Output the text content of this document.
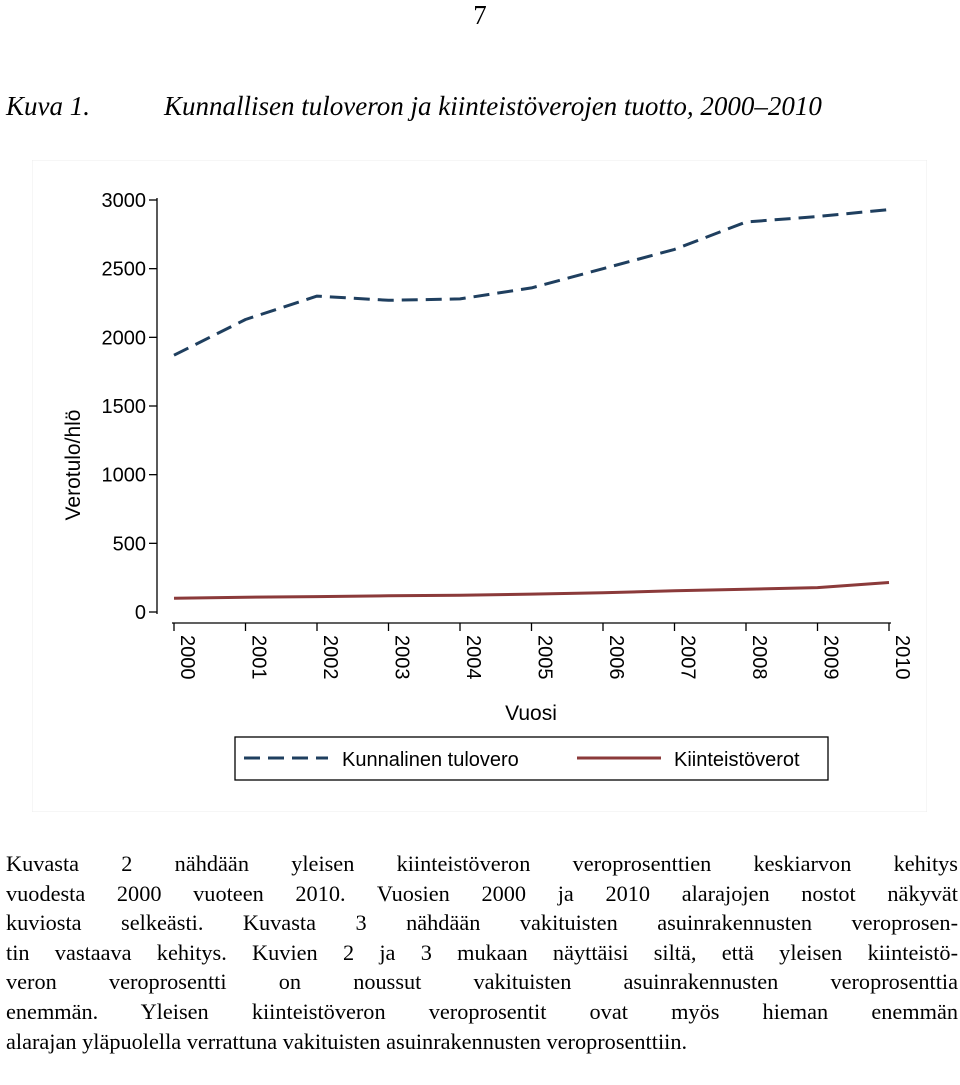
7
Kuva 1.	Kunnallisen tuloveron ja kiinteistöverojen tuotto, 2000–2010
0
500
1000
1500
2000
2500
3000
2000 2001 2002 2003 2004 2005 2006 2007 2008 2009 2010
Verotulo/hlö
Vuosi
Kunnalinen tulovero	Kiinteistöverot
Kuvasta 2 nähdään yleisen kiinteistöveron veroprosenttien keskiarvon kehitys
vuodesta 2000 vuoteen 2010. Vuosien 2000 ja 2010 alarajojen nostot näkyvät
kuviosta selkeästi. Kuvasta 3 nähdään vakituisten asuinrakennusten veroprosen-
tin vastaava kehitys. Kuvien 2 ja 3 mukaan näyttäisi siltä, että yleisen kiinteistö-
veron veroprosentti on noussut vakituisten asuinrakennusten veroprosenttia
enemmän. Yleisen kiinteistöveron veroprosentit ovat myös hieman enemmän
alarajan yläpuolella verrattuna vakituisten asuinrakennusten veroprosenttiin.
